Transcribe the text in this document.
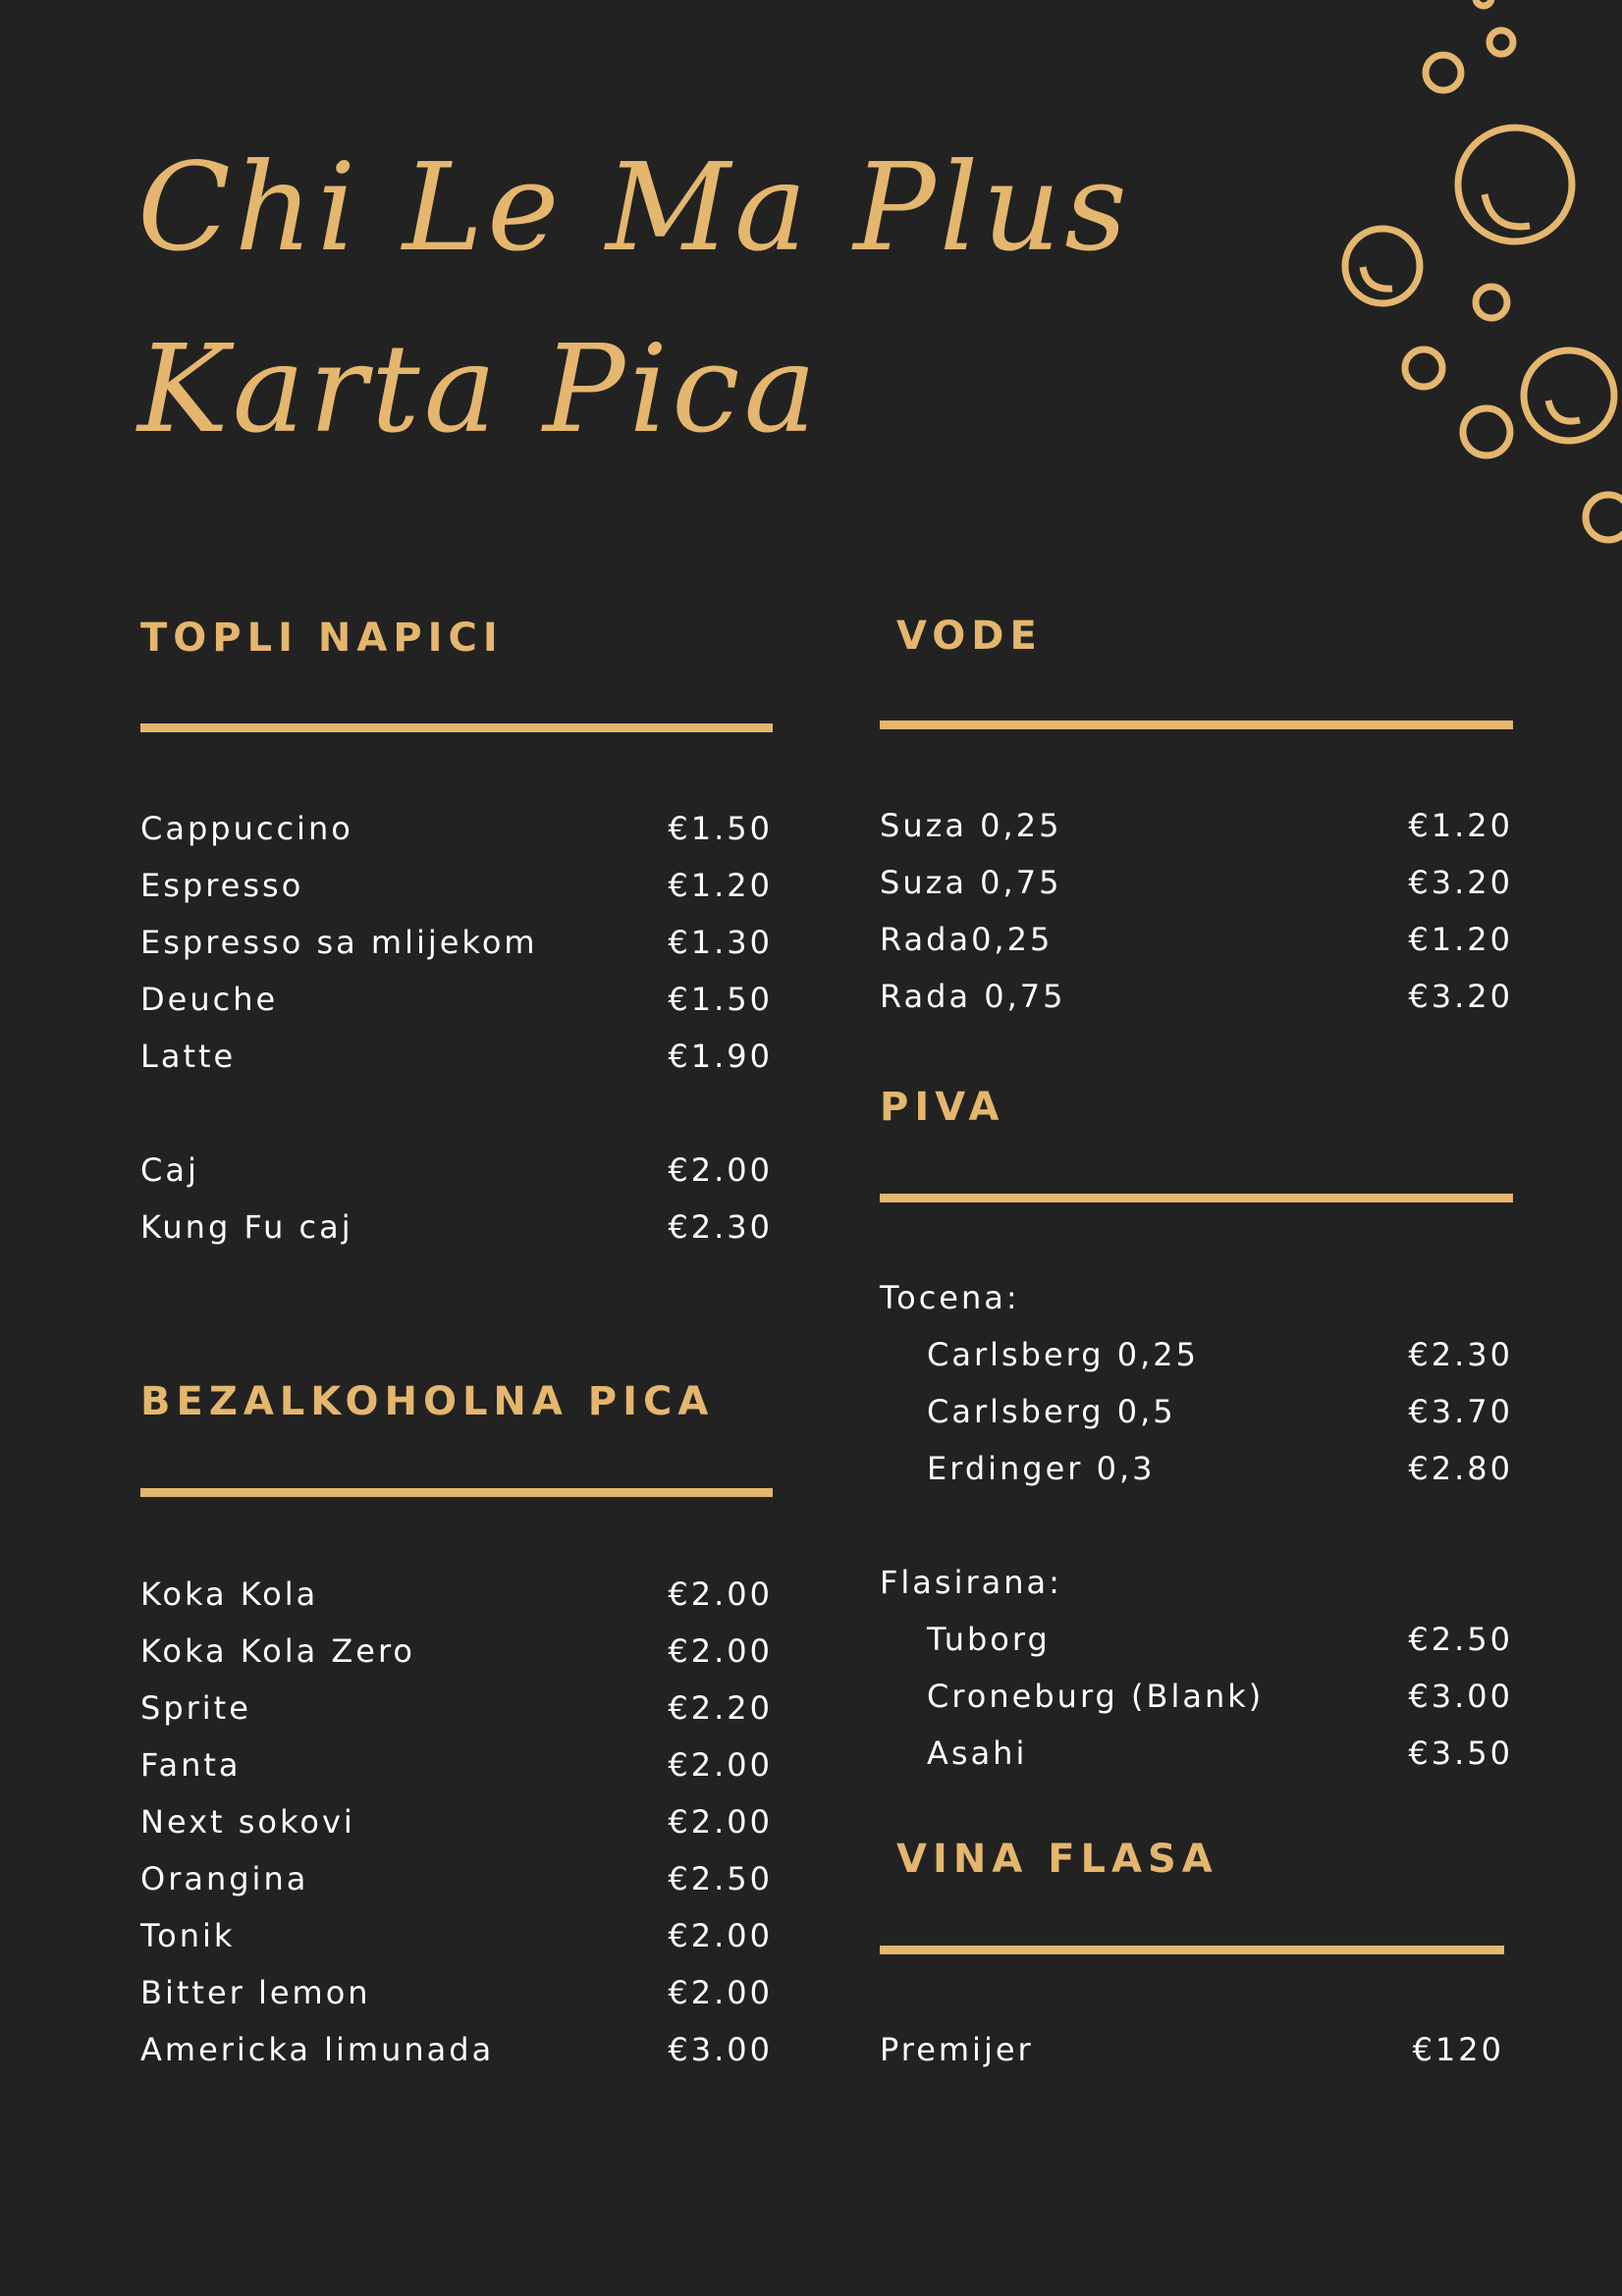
Chi Le Ma Plus
Karta Pica
TOPLI NAPICI
Cappuccino	€1.50
Espresso	€1.20
Espresso sa mlijekom	€1.30
Deuche	€1.50
Latte	€1.90
Caj	€2.00
Kung Fu caj	€2.30
BEZALKOHOLNA PICA
Koka Kola	€2.00
Koka Kola Zero	€2.00
Sprite	€2.20
Fanta	€2.00
Next sokovi	€2.00
Orangina	€2.50
Tonik	€2.00
Bitter lemon	€2.00
Americka limunada	€3.00
VODE
Suza 0,25	€1.20
Suza 0,75	€3.20
Rada0,25	€1.20
Rada 0,75	€3.20
PIVA
Tocena:
Carlsberg 0,25	€2.30
Carlsberg 0,5	€3.70
Erdinger 0,3	€2.80
Flasirana:
Tuborg	€2.50
Croneburg (Blank)	€3.00
Asahi	€3.50
VINA FLASA
Premijer	€120
